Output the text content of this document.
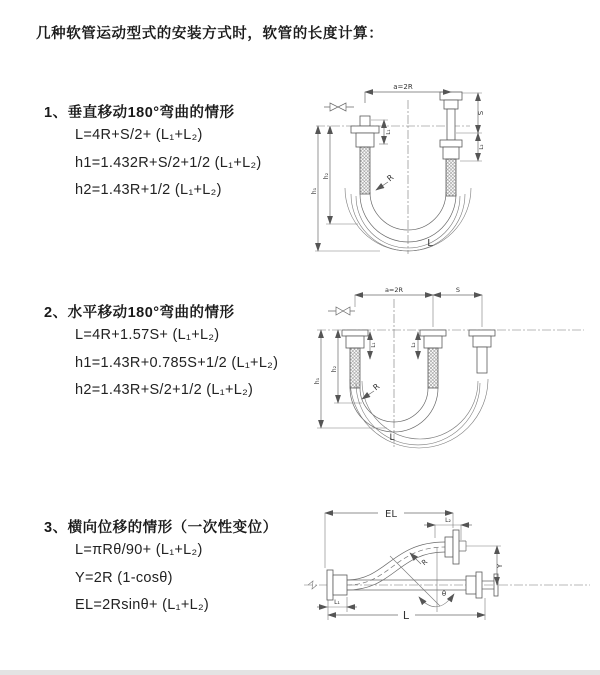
几种软管运动型式的安装方式时，软管的长度计算：
1、垂直移动180°弯曲的情形
L=4R+S/2+ (L₁+L₂)
h1=1.432R+S/2+1/2 (L₁+L₂)
h2=1.43R+1/2 (L₁+L₂)
a=2R
h₁
h₂
L₁
S
L₂
R
L
2、水平移动180°弯曲的情形
L=4R+1.57S+ (L₁+L₂)
h1=1.43R+0.785S+1/2 (L₁+L₂)
h2=1.43R+S/2+1/2 (L₁+L₂)
a=2R	S
L₁	L₂
h₂
h₁
R
L
3、横向位移的情形（一次性变位）
L=πRθ/90+ (L₁+L₂)
Y=2R (1-cosθ)
EL=2Rsinθ+ (L₁+L₂)
θ
EL
L₂
Y
L₁
R
L
